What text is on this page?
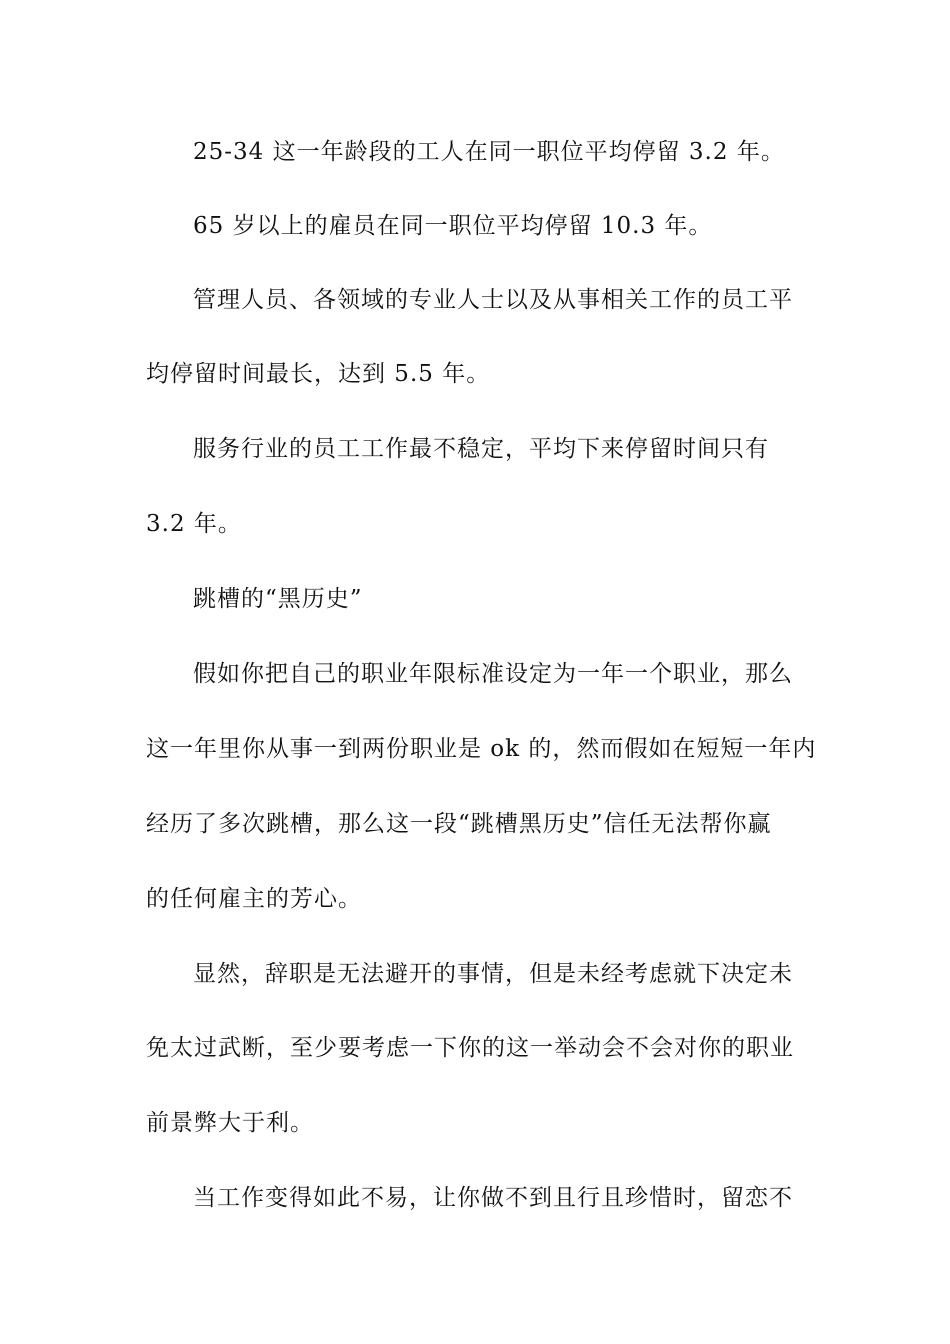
25-34 这一年龄段的工人在同一职位平均停留 3.2 年。
65 岁以上的雇员在同一职位平均停留 10.3 年。
管理人员、各领域的专业人士以及从事相关工作的员工平
均停留时间最长，达到 5.5 年。
服务行业的员工工作最不稳定，平均下来停留时间只有
3.2 年。
跳槽的“黑历史”
假如你把自己的职业年限标准设定为一年一个职业，那么
这一年里你从事一到两份职业是 ok 的，然而假如在短短一年内
经历了多次跳槽，那么这一段“跳槽黑历史”信任无法帮你赢
的任何雇主的芳心。
显然，辞职是无法避开的事情，但是未经考虑就下决定未
免太过武断，至少要考虑一下你的这一举动会不会对你的职业
前景弊大于利。
当工作变得如此不易，让你做不到且行且珍惜时，留恋不
